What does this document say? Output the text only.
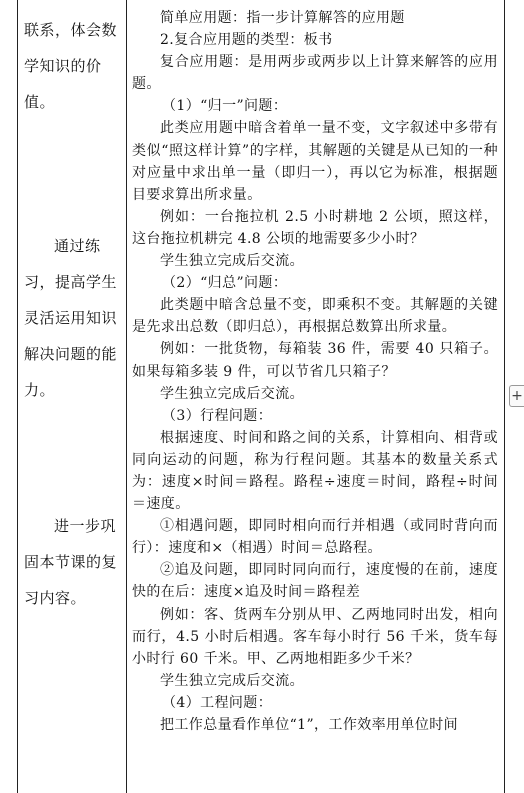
联系，体会数学知识的价值。
通过练习，提高学生灵活运用知识解决问题的能力。
进一步巩固本节课的复习内容。

简单应用题：指一步计算解答的应用题

2.复合应用题的类型：板书

复合应用题：是用两步或两步以上计算来解答的应用题。

（1）“归一”问题：

此类应用题中暗含着单一量不变，文字叙述中多带有类似“照这样计算”的字样，其解题的关键是从已知的一种对应量中求出单一量（即归一），再以它为标准，根据题目要求算出所求量。

例如：一台拖拉机 2.5 小时耕地 2 公顷，照这样，这台拖拉机耕完 4.8 公顷的地需要多少小时？

学生独立完成后交流。

（2）“归总”问题：

此类题中暗含总量不变，即乘积不变。其解题的关键是先求出总数（即归总），再根据总数算出所求量。

例如：一批货物，每箱装 36 件，需要 40 只箱子。如果每箱多装 9 件，可以节省几只箱子？

学生独立完成后交流。

（3）行程问题：

根据速度、时间和路之间的关系，计算相向、相背或同向运动的问题，称为行程问题。其基本的数量关系式为：速度×时间＝路程。路程÷速度＝时间，路程÷时间＝速度。

①相遇问题，即同时相向而行并相遇（或同时背向而行）：速度和×（相遇）时间＝总路程。

②追及问题，即同时同向而行，速度慢的在前，速度快的在后：速度×追及时间＝路程差

例如：客、货两车分别从甲、乙两地同时出发，相向而行，4.5 小时后相遇。客车每小时行 56 千米，货车每小时行 60 千米。甲、乙两地相距多少千米？

学生独立完成后交流。

（4）工程问题：

把工作总量看作单位“1”，工作效率用单位时间

+
